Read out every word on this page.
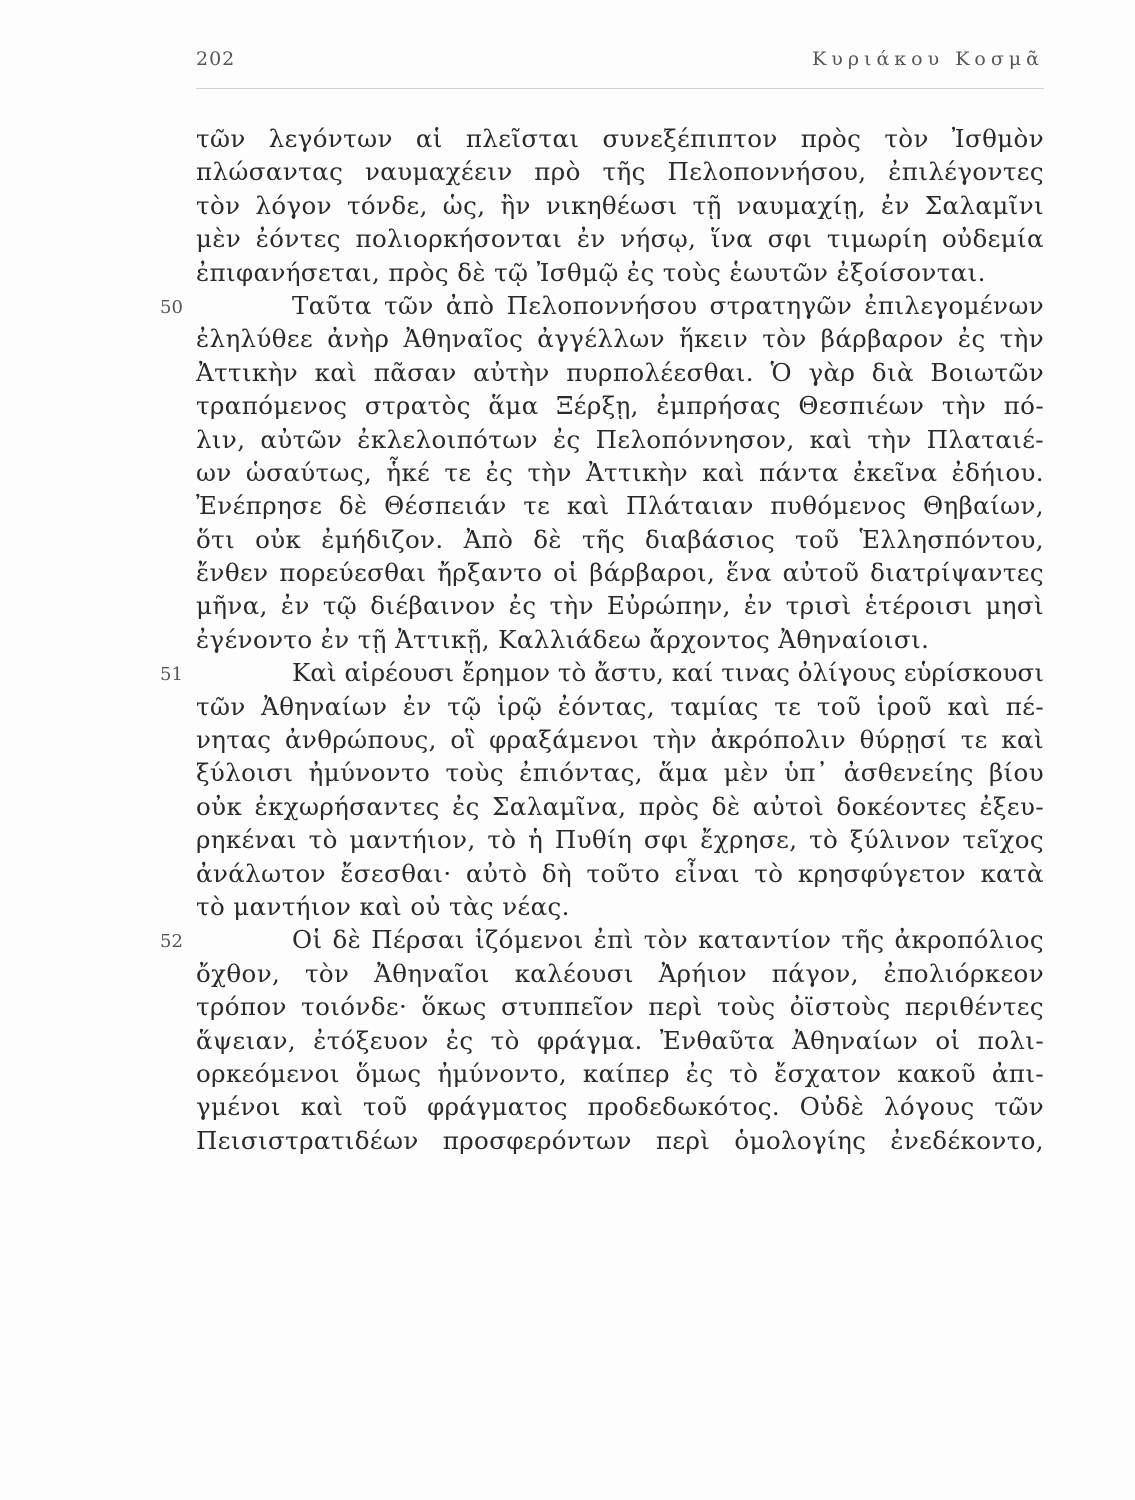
202	Κυριάκου Κοσμᾶ
τῶν λεγόντων αἱ πλεῖσται συνεξέπιπτον πρὸς τὸν Ἰσθμὸν
πλώσαντας ναυμαχέειν πρὸ τῆς Πελοποννήσου, ἐπιλέγοντες
τὸν λόγον τόνδε, ὡς, ἢν νικηθέωσι τῇ ναυμαχίῃ, ἐν Σαλαμῖνι
μὲν ἐόντες πολιορκήσονται ἐν νήσῳ, ἵνα σφι τιμωρίη οὐδεμία
ἐπιφανήσεται, πρὸς δὲ τῷ Ἰσθμῷ ἐς τοὺς ἑωυτῶν ἐξοίσονται.
50	Ταῦτα τῶν ἀπὸ Πελοποννήσου στρατηγῶν ἐπιλεγομένων
ἐληλύθεε ἀνὴρ Ἀθηναῖος ἀγγέλλων ἥκειν τὸν βάρβαρον ἐς τὴν
Ἀττικὴν καὶ πᾶσαν αὐτὴν πυρπολέεσθαι. Ὁ γὰρ διὰ Βοιωτῶν
τραπόμενος στρατὸς ἅμα Ξέρξῃ, ἐμπρήσας Θεσπιέων τὴν πό-
λιν, αὐτῶν ἐκλελοιπότων ἐς Πελοπόννησον, καὶ τὴν Πλαταιέ-
ων ὡσαύτως, ἧκέ τε ἐς τὴν Ἀττικὴν καὶ πάντα ἐκεῖνα ἐδήιου.
Ἐνέπρησε δὲ Θέσπειάν τε καὶ Πλάταιαν πυθόμενος Θηβαίων,
ὅτι οὐκ ἐμήδιζον. Ἀπὸ δὲ τῆς διαβάσιος τοῦ Ἑλλησπόντου,
ἔνθεν πορεύεσθαι ἤρξαντο οἱ βάρβαροι, ἕνα αὐτοῦ διατρίψαντες
μῆνα, ἐν τῷ διέβαινον ἐς τὴν Εὐρώπην, ἐν τρισὶ ἑτέροισι μησὶ
ἐγένοντο ἐν τῇ Ἀττικῇ, Καλλιάδεω ἄρχοντος Ἀθηναίοισι.
51	Καὶ αἱρέουσι ἔρημον τὸ ἄστυ, καί τινας ὀλίγους εὑρίσκουσι
τῶν Ἀθηναίων ἐν τῷ ἱρῷ ἐόντας, ταμίας τε τοῦ ἱροῦ καὶ πέ-
νητας ἀνθρώπους, οἳ φραξάμενοι τὴν ἀκρόπολιν θύρῃσί τε καὶ
ξύλοισι ἠμύνοντο τοὺς ἐπιόντας, ἅμα μὲν ὑπ᾽ ἀσθενείης βίου
οὐκ ἐκχωρήσαντες ἐς Σαλαμῖνα, πρὸς δὲ αὐτοὶ δοκέοντες ἐξευ-
ρηκέναι τὸ μαντήιον, τὸ ἡ Πυθίη σφι ἔχρησε, τὸ ξύλινον τεῖχος
ἀνάλωτον ἔσεσθαι· αὐτὸ δὴ τοῦτο εἶναι τὸ κρησφύγετον κατὰ
τὸ μαντήιον καὶ οὐ τὰς νέας.
52	Οἱ δὲ Πέρσαι ἱζόμενοι ἐπὶ τὸν καταντίον τῆς ἀκροπόλιος
ὄχθον, τὸν Ἀθηναῖοι καλέουσι Ἀρήιον πάγον, ἐπολιόρκεον
τρόπον τοιόνδε· ὅκως στυππεῖον περὶ τοὺς ὀϊστοὺς περιθέντες
ἅψειαν, ἐτόξευον ἐς τὸ φράγμα. Ἐνθαῦτα Ἀθηναίων οἱ πολι-
ορκεόμενοι ὅμως ἠμύνοντο, καίπερ ἐς τὸ ἔσχατον κακοῦ ἀπι-
γμένοι καὶ τοῦ φράγματος προδεδωκότος. Οὐδὲ λόγους τῶν
Πεισιστρατιδέων προσφερόντων περὶ ὁμολογίης ἐνεδέκοντο,
